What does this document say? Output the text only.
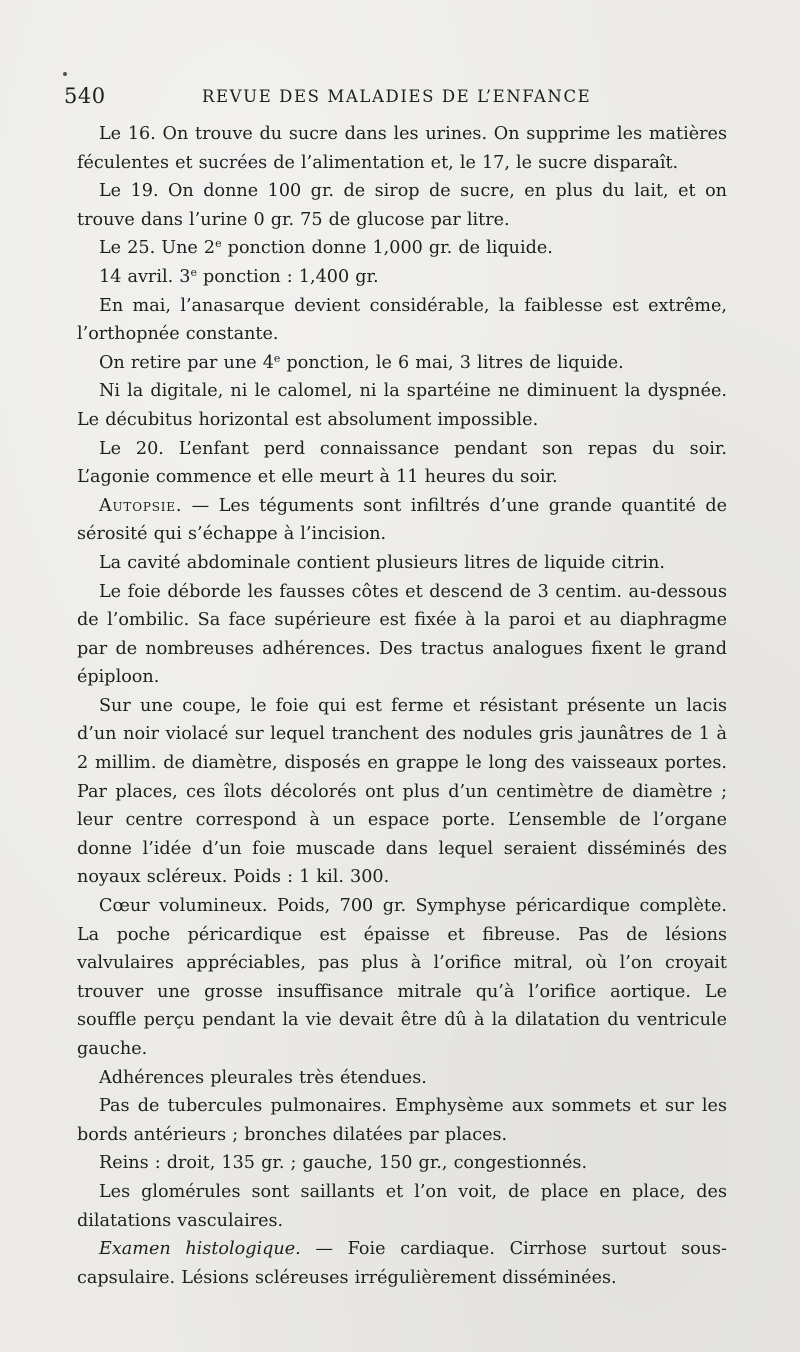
540	REVUE DES MALADIES DE L’ENFANCE

Le 16. On trouve du sucre dans les urines. On supprime les matières féculentes et sucrées de l’alimentation et, le 17, le sucre disparaît.

Le 19. On donne 100 gr. de sirop de sucre, en plus du lait, et on trouve dans l’urine 0 gr. 75 de glucose par litre.

Le 25. Une 2e ponction donne 1,000 gr. de liquide.

14 avril. 3e ponction : 1,400 gr.

En mai, l’anasarque devient considérable, la faiblesse est extrême, l’orthopnée constante.

On retire par une 4e ponction, le 6 mai, 3 litres de liquide.

Ni la digitale, ni le calomel, ni la spartéine ne diminuent la dyspnée. Le décubitus horizontal est absolument impossible.

Le 20. L’enfant perd connaissance pendant son repas du soir. L’agonie commence et elle meurt à 11 heures du soir.

Autopsie. — Les téguments sont infiltrés d’une grande quantité de sérosité qui s’échappe à l’incision.

La cavité abdominale contient plusieurs litres de liquide citrin.

Le foie déborde les fausses côtes et descend de 3 centim. au-dessous de l’ombilic. Sa face supérieure est fixée à la paroi et au diaphragme par de nombreuses adhérences. Des tractus analogues fixent le grand épiploon.

Sur une coupe, le foie qui est ferme et résistant présente un lacis d’un noir violacé sur lequel tranchent des nodules gris jaunâtres de 1 à 2 millim. de diamètre, disposés en grappe le long des vaisseaux portes. Par places, ces îlots décolorés ont plus d’un centimètre de diamètre ; leur centre correspond à un espace porte. L’ensemble de l’organe donne l’idée d’un foie muscade dans lequel seraient disséminés des noyaux scléreux. Poids : 1 kil. 300.

Cœur volumineux. Poids, 700 gr. Symphyse péricardique complète. La poche péricardique est épaisse et fibreuse. Pas de lésions valvulaires appréciables, pas plus à l’orifice mitral, où l’on croyait trouver une grosse insuffisance mitrale qu’à l’orifice aortique. Le souffle perçu pendant la vie devait être dû à la dilatation du ventricule gauche.

Adhérences pleurales très étendues.

Pas de tubercules pulmonaires. Emphysème aux sommets et sur les bords antérieurs ; bronches dilatées par places.

Reins : droit, 135 gr. ; gauche, 150 gr., congestionnés.

Les glomérules sont saillants et l’on voit, de place en place, des dilatations vasculaires.

Examen histologique. — Foie cardiaque. Cirrhose surtout sous-capsulaire. Lésions scléreuses irrégulièrement disséminées.
